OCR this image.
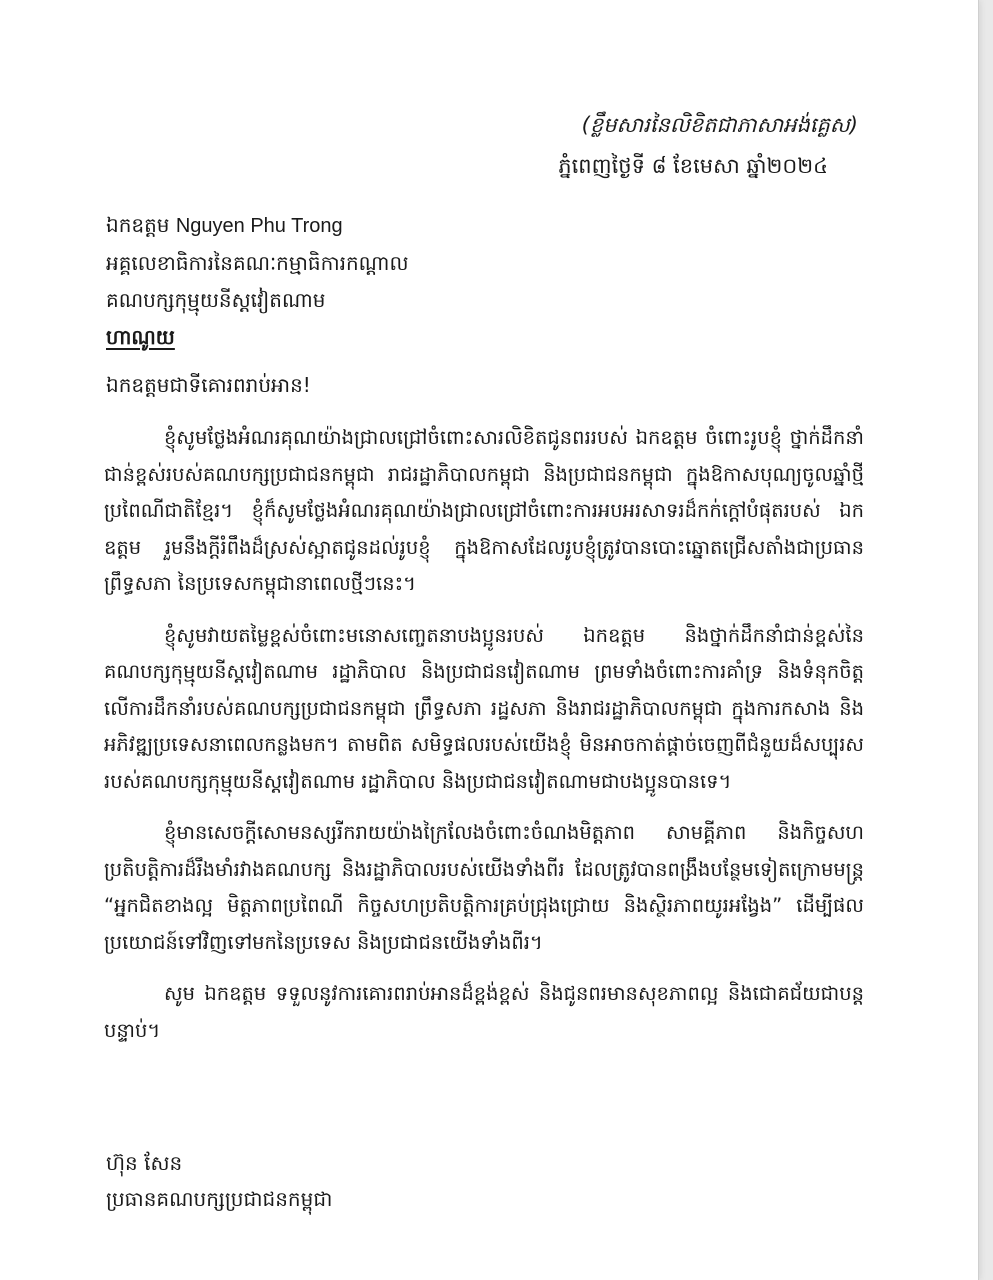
(ខ្លឹមសារនៃលិខិតជាភាសាអង់គ្លេស)
ភ្នំពេញថ្ងៃទី ៨ ខែមេសា ឆ្នាំ២០២៤
ឯកឧត្តម Nguyen Phu Trong
អគ្គលេខាធិការនៃគណៈកម្មាធិការកណ្តាល
គណបក្សកុម្មុយនីស្តវៀតណាម
ហាណូយ
ឯកឧត្តមជាទីគោរពរាប់អាន!

ខ្ញុំសូមថ្លែងអំណរគុណយ៉ាងជ្រាលជ្រៅចំពោះសារលិខិតជូនពររបស់ ឯកឧត្តម ចំពោះរូបខ្ញុំ ថ្នាក់ដឹកនាំជាន់ខ្ពស់របស់គណបក្សប្រជាជនកម្ពុជា រាជរដ្ឋាភិបាលកម្ពុជា និងប្រជាជនកម្ពុជា ក្នុងឱកាសបុណ្យចូលឆ្នាំថ្មីប្រពៃណីជាតិខ្មែរ។ ខ្ញុំក៏សូមថ្លែងអំណរគុណយ៉ាងជ្រាលជ្រៅចំពោះការអបអរសាទរដ៏កក់ក្តៅបំផុតរបស់ ឯកឧត្តម រួមនឹងក្តីរំពឹងដ៏ស្រស់ស្អាតជូនដល់រូបខ្ញុំ ក្នុងឱកាសដែលរូបខ្ញុំត្រូវបានបោះឆ្នោតជ្រើសតាំងជាប្រធានព្រឹទ្ធសភា នៃប្រទេសកម្ពុជានាពេលថ្មីៗនេះ។

ខ្ញុំសូមវាយតម្លៃខ្ពស់ចំពោះមនោសញ្ចេតនាបងប្អូនរបស់ ឯកឧត្តម និងថ្នាក់ដឹកនាំជាន់ខ្ពស់នៃគណបក្សកុម្មុយនីស្តវៀតណាម រដ្ឋាភិបាល និងប្រជាជនវៀតណាម ព្រមទាំងចំពោះការគាំទ្រ និងទំនុកចិត្តលើការដឹកនាំរបស់គណបក្សប្រជាជនកម្ពុជា ព្រឹទ្ធសភា រដ្ឋសភា និងរាជរដ្ឋាភិបាលកម្ពុជា ក្នុងការកសាង និងអភិវឌ្ឍប្រទេសនាពេលកន្លងមក។ តាមពិត សមិទ្ធផលរបស់យើងខ្ញុំ មិនអាចកាត់ផ្តាច់ចេញពីជំនួយដ៏សប្បុរសរបស់គណបក្សកុម្មុយនីស្តវៀតណាម រដ្ឋាភិបាល និងប្រជាជនវៀតណាមជាបងប្អូនបានទេ។

ខ្ញុំមានសេចក្តីសោមនស្សរីករាយយ៉ាងក្រៃលែងចំពោះចំណងមិត្តភាព សាមគ្គីភាព និងកិច្ចសហប្រតិបត្តិការដ៏រឹងមាំរវាងគណបក្ស និងរដ្ឋាភិបាលរបស់យើងទាំងពីរ ដែលត្រូវបានពង្រឹងបន្ថែមទៀតក្រោមមន្ត្រ “អ្នកជិតខាងល្អ មិត្តភាពប្រពៃណី កិច្ចសហប្រតិបត្តិការគ្រប់ជ្រុងជ្រោយ និងស្ថិរភាពយូរអង្វែង” ដើម្បីផលប្រយោជន៍ទៅវិញទៅមកនៃប្រទេស និងប្រជាជនយើងទាំងពីរ។

សូម ឯកឧត្តម ទទួលនូវការគោរពរាប់អានដ៏ខ្ពង់ខ្ពស់ និងជូនពរមានសុខភាពល្អ និងជោគជ័យជាបន្តបន្ទាប់។

ហ៊ុន សែន
ប្រធានគណបក្សប្រជាជនកម្ពុជា
